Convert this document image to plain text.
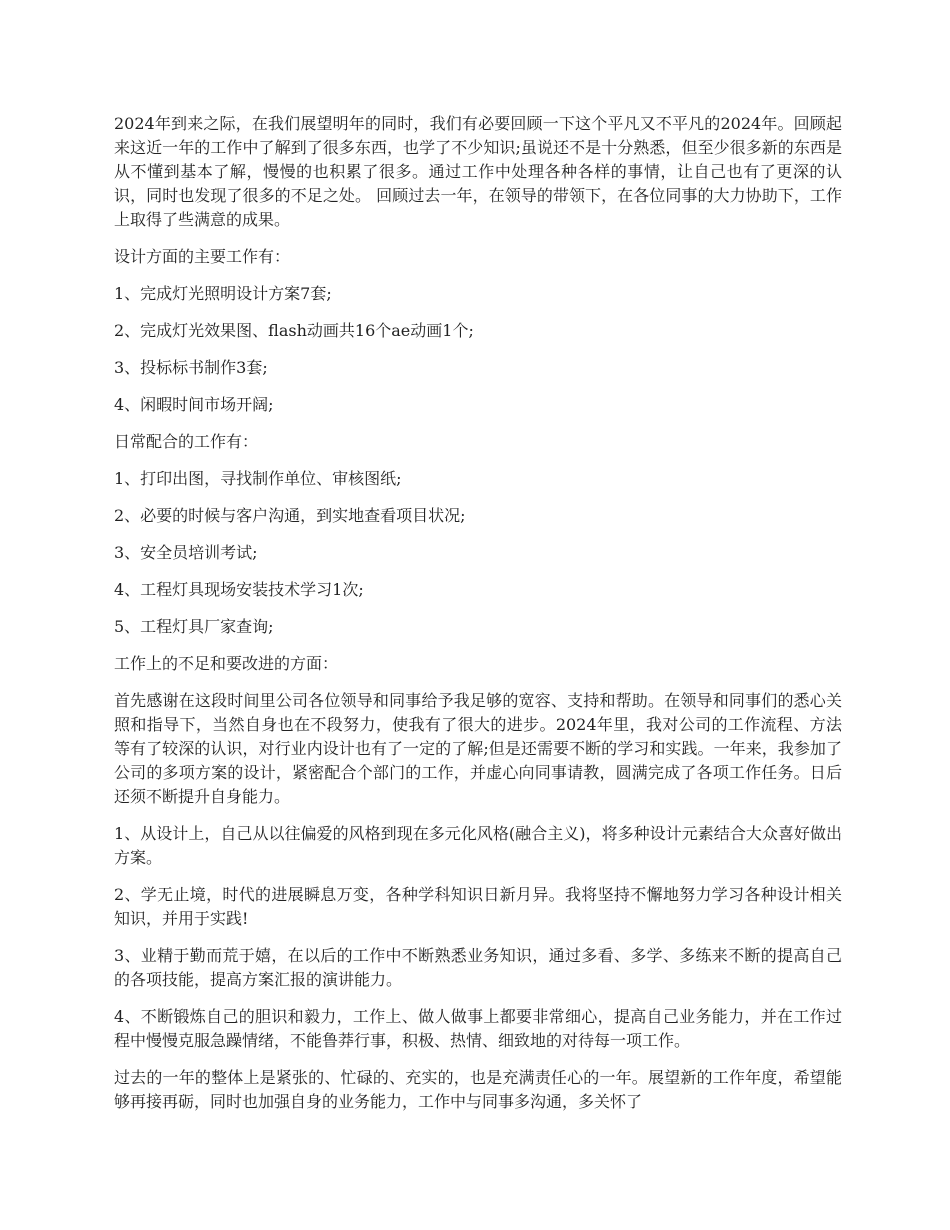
2024年到来之际，在我们展望明年的同时，我们有必要回顾一下这个平凡又不平凡的2024年。回顾起来这近一年的工作中了解到了很多东西，也学了不少知识;虽说还不是十分熟悉，但至少很多新的东西是从不懂到基本了解，慢慢的也积累了很多。通过工作中处理各种各样的事情，让自己也有了更深的认识，同时也发现了很多的不足之处。 回顾过去一年，在领导的带领下，在各位同事的大力协助下，工作上取得了些满意的成果。

设计方面的主要工作有：

1、完成灯光照明设计方案7套;

2、完成灯光效果图、flash动画共16个ae动画1个;

3、投标标书制作3套;

4、闲暇时间市场开阔;

日常配合的工作有：

1、打印出图，寻找制作单位、审核图纸;

2、必要的时候与客户沟通，到实地查看项目状况;

3、安全员培训考试;

4、工程灯具现场安装技术学习1次;

5、工程灯具厂家查询;

工作上的不足和要改进的方面：

首先感谢在这段时间里公司各位领导和同事给予我足够的宽容、支持和帮助。在领导和同事们的悉心关照和指导下，当然自身也在不段努力，使我有了很大的进步。2024年里，我对公司的工作流程、方法等有了较深的认识，对行业内设计也有了一定的了解;但是还需要不断的学习和实践。一年来，我参加了公司的多项方案的设计，紧密配合个部门的工作，并虚心向同事请教，圆满完成了各项工作任务。日后还须不断提升自身能力。

1、从设计上，自己从以往偏爱的风格到现在多元化风格(融合主义)，将多种设计元素结合大众喜好做出方案。

2、学无止境，时代的进展瞬息万变，各种学科知识日新月异。我将坚持不懈地努力学习各种设计相关知识，并用于实践!

3、业精于勤而荒于嬉，在以后的工作中不断熟悉业务知识，通过多看、多学、多练来不断的提高自己的各项技能，提高方案汇报的演讲能力。

4、不断锻炼自己的胆识和毅力，工作上、做人做事上都要非常细心，提高自己业务能力，并在工作过程中慢慢克服急躁情绪，不能鲁莽行事，积极、热情、细致地的对待每一项工作。

过去的一年的整体上是紧张的、忙碌的、充实的，也是充满责任心的一年。展望新的工作年度，希望能够再接再砺，同时也加强自身的业务能力，工作中与同事多沟通，多关怀了
